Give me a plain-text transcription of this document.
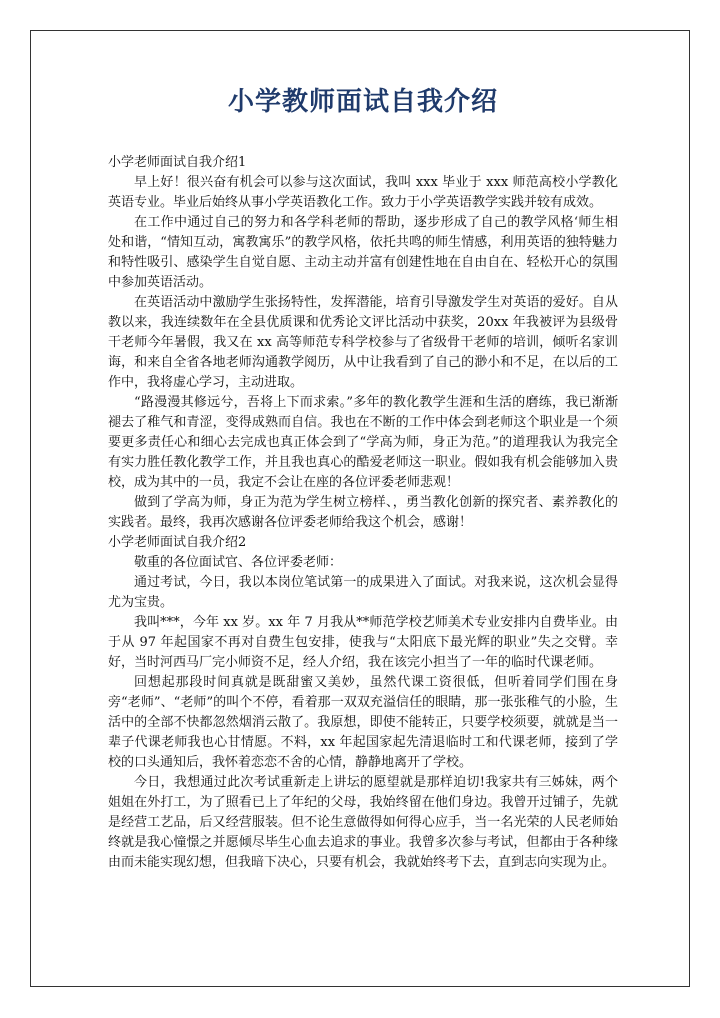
小学教师面试自我介绍

小学老师面试自我介绍1

早上好！很兴奋有机会可以参与这次面试，我叫 xxx 毕业于 xxx 师范高校小学教化英语专业。毕业后始终从事小学英语教化工作。致力于小学英语教学实践并较有成效。

在工作中通过自己的努力和各学科老师的帮助，逐步形成了自己的教学风格‘师生相处和谐，“情知互动，寓教寓乐”的教学风格，依托共鸣的师生情感，利用英语的独特魅力和特性吸引、感染学生自觉自愿、主动主动并富有创建性地在自由自在、轻松开心的氛围中参加英语活动。

在英语活动中激励学生张扬特性，发挥潜能，培育引导激发学生对英语的爱好。自从教以来，我连续数年在全县优质课和优秀论文评比活动中获奖，20xx 年我被评为县级骨干老师今年暑假，我又在 xx 高等师范专科学校参与了省级骨干老师的培训，倾听名家训诲，和来自全省各地老师沟通教学阅历，从中让我看到了自己的渺小和不足，在以后的工作中，我将虚心学习，主动进取。

“路漫漫其修远兮，吾将上下而求索。”多年的教化教学生涯和生活的磨练，我已渐渐褪去了稚气和青涩，变得成熟而自信。我也在不断的工作中体会到老师这个职业是一个须要更多责任心和细心去完成也真正体会到了“学高为师，身正为范。”的道理我认为我完全有实力胜任教化教学工作，并且我也真心的酷爱老师这一职业。假如我有机会能够加入贵校，成为其中的一员，我定不会让在座的各位评委老师悲观！

做到了学高为师，身正为范为学生树立榜样、，勇当教化创新的探究者、素养教化的实践者。最终，我再次感谢各位评委老师给我这个机会，感谢！

小学老师面试自我介绍2

敬重的各位面试官、各位评委老师：

通过考试，今日，我以本岗位笔试第一的成果进入了面试。对我来说，这次机会显得尤为宝贵。

我叫***，今年 xx 岁。xx 年 7 月我从**师范学校艺师美术专业安排内自费毕业。由于从 97 年起国家不再对自费生包安排，使我与“太阳底下最光辉的职业”失之交臂。幸好，当时河西马厂完小师资不足，经人介绍，我在该完小担当了一年的临时代课老师。

回想起那段时间真就是既甜蜜又美妙，虽然代课工资很低，但听着同学们围在身旁“老师”、“老师”的叫个不停，看着那一双双充溢信任的眼睛，那一张张稚气的小脸，生活中的全部不快都忽然烟消云散了。我原想，即使不能转正，只要学校须要，就就是当一辈子代课老师我也心甘情愿。不料，xx 年起国家起先清退临时工和代课老师，接到了学校的口头通知后，我怀着恋恋不舍的心情，静静地离开了学校。

今日，我想通过此次考试重新走上讲坛的愿望就是那样迫切!我家共有三姊妹，两个姐姐在外打工，为了照看已上了年纪的父母，我始终留在他们身边。我曾开过铺子，先就是经营工艺品，后又经营服装。但不论生意做得如何得心应手，当一名光荣的人民老师始终就是我心憧憬之并愿倾尽毕生心血去追求的事业。我曾多次参与考试，但都由于各种缘由而未能实现幻想，但我暗下决心，只要有机会，我就始终考下去，直到志向实现为止。
